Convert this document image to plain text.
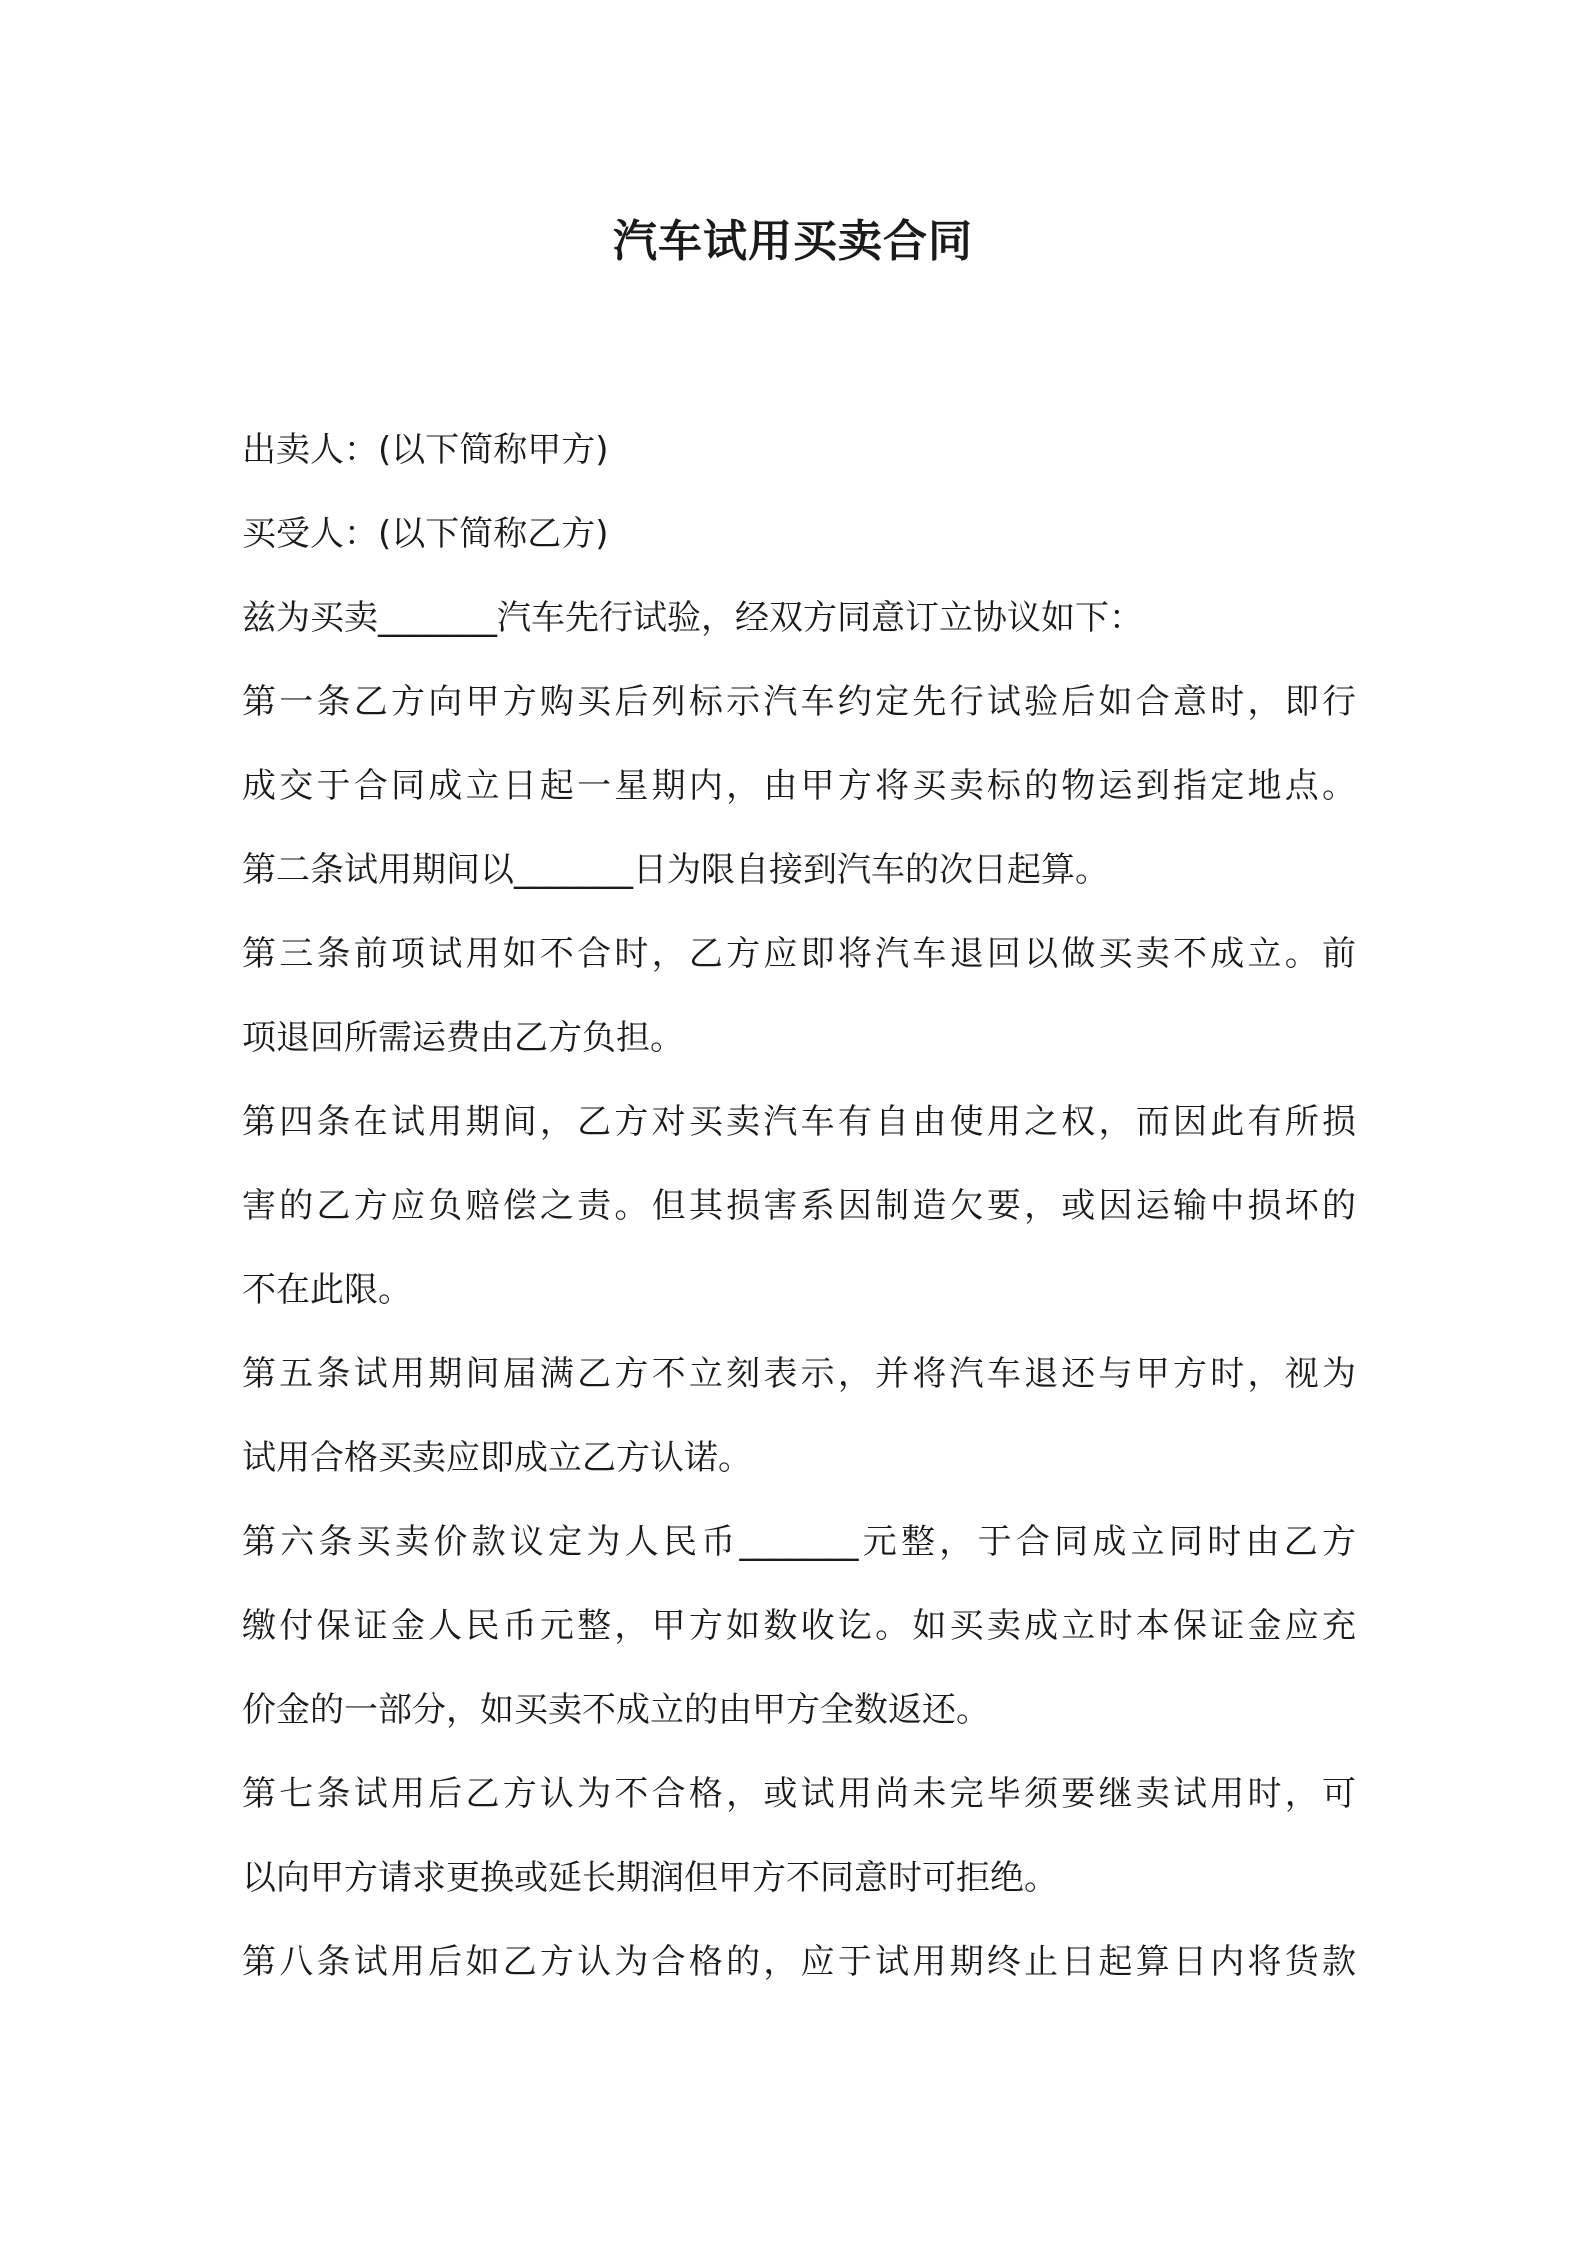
汽车试用买卖合同
出卖人：(以下简称甲方)
买受人：(以下简称乙方)
兹为买卖_______汽车先行试验，经双方同意订立协议如下：
第一条乙方向甲方购买后列标示汽车约定先行试验后如合意时，即行
成交于合同成立日起一星期内，由甲方将买卖标的物运到指定地点。
第二条试用期间以_______日为限自接到汽车的次日起算。
第三条前项试用如不合时，乙方应即将汽车退回以做买卖不成立。前
项退回所需运费由乙方负担。
第四条在试用期间，乙方对买卖汽车有自由使用之权，而因此有所损
害的乙方应负赔偿之责。但其损害系因制造欠要，或因运输中损坏的
不在此限。
第五条试用期间届满乙方不立刻表示，并将汽车退还与甲方时，视为
试用合格买卖应即成立乙方认诺。
第六条买卖价款议定为人民币_______元整，于合同成立同时由乙方
缴付保证金人民币元整，甲方如数收讫。如买卖成立时本保证金应充
价金的一部分，如买卖不成立的由甲方全数返还。
第七条试用后乙方认为不合格，或试用尚未完毕须要继卖试用时，可
以向甲方请求更换或延长期润但甲方不同意时可拒绝。
第八条试用后如乙方认为合格的，应于试用期终止日起算日内将货款
